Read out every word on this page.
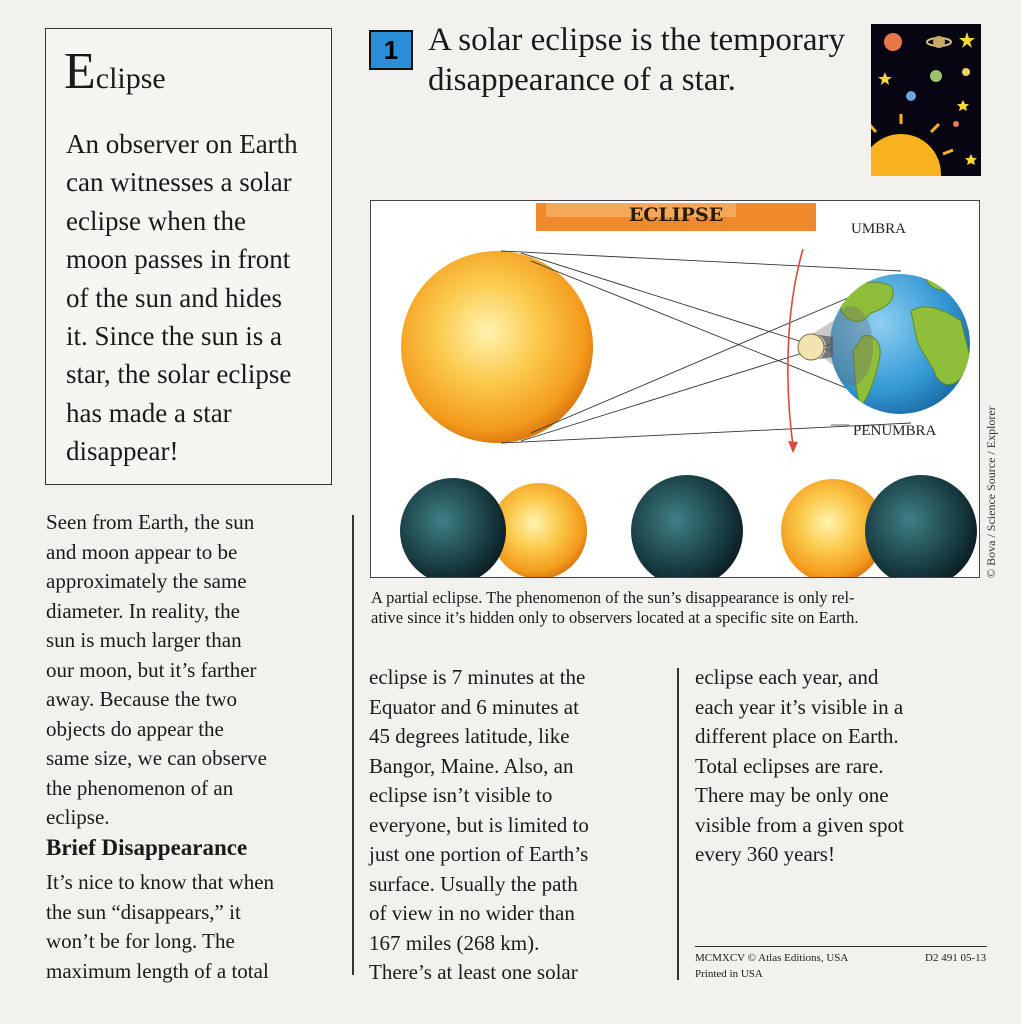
Eclipse
An observer on Earth
can witnesses a solar
eclipse when the
moon passes in front
of the sun and hides
it. Since the sun is a
star, the solar eclipse
has made a star
disappear!
Seen from Earth, the sun
and moon appear to be
approximately the same
diameter. In reality, the
sun is much larger than
our moon, but it’s farther
away. Because the two
objects do appear the
same size, we can observe
the phenomenon of an
eclipse.
Brief Disappearance
It’s nice to know that when
the sun “disappears,” it
won’t be for long. The
maximum length of a total
1 A solar eclipse is the temporary
disappearance of a star.
ECLIPSE
UMBRA
PENUMBRA	© Bova / Science Source / Explorer
A partial eclipse. The phenomenon of the sun’s disappearance is only rel-
ative since it’s hidden only to observers located at a specific site on Earth.
eclipse is 7 minutes at the
Equator and 6 minutes at
45 degrees latitude, like
Bangor, Maine. Also, an
eclipse isn’t visible to
everyone, but is limited to
just one portion of Earth’s
surface. Usually the path
of view in no wider than
167 miles (268 km).
There’s at least one solar
eclipse each year, and
each year it’s visible in a
different place on Earth.
Total eclipses are rare.
There may be only one
visible from a given spot
every 360 years!
MCMXCV © Atlas Editions, USA
Printed in USA
D2 491 05-13
